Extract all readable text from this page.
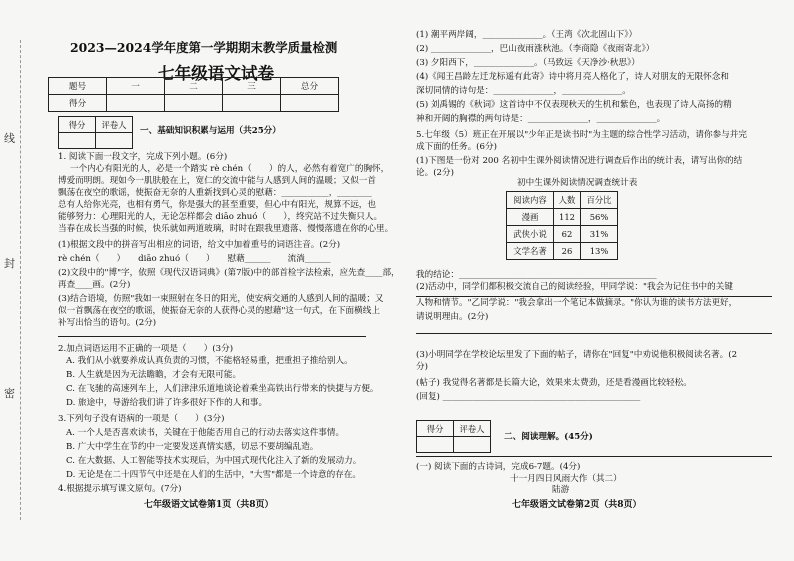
线
封
密
2023—2024学年度第一学期期末教学质量检测
七年级语文试卷
题号	一	二	三	总分
得分				
得分	评卷人

一、基础知识积累与运用（共25分）
1. 阅读下面一段文字，完成下列小题。(6分)
一个内心有阳光的人，必是一个踏实 rè chén（　　）的人，必然有着宽广的胸怀，
博爱而明朗。现如今一肌肤般在上，宽仁的交流中能与人感到人间的温暖；又似一首
飘荡在夜空的歌谣，使振奋无奈的人重新找到心灵的慰藉：___________，________
总有人给你光亮，也相有勇气，你是强大的甚至重要，但心中有阳光，规算不远，也
能够努力：心理阳光的人，无论怎样都会 diāo zhuó（　　），终究站不过失衡只人。
当春在成长当强的时候，快乐就如两道玻璃，时时在跟我里遗落、慢慢落遗在你的心里。
(1)根据文段中的拼音写出相应的词语，给文中加着重号的词语注音。(2分)
rè chén（　　）　　diāo zhuó（　　）　　慰藉______　　流淌______
(2)文段中的"博"字，依照《现代汉语词典》(第7版)中的部首检字法检索，应先查____部，
再查____画。(2分)
(3)结合语境，仿照"我如一束照射在冬日的阳光，使安病交通的人感到人间的温暖；又
似一首飘荡在夜空的歌谣，使振奋无奈的人获得心灵的慰藉"这一句式，在下面横线上
补写出恰当的语句。(2分)
2.加点词语运用不正确的一项是（　　）(3分)
A. 我们从小就要养成认真负责的习惯，不能格轻易重，把重担子推给别人。
B. 人生就是因为无法瞻瞻，才会有无限可能。
C. 在飞驰的高速列车上，人们津津乐道地谈论着乘坐高铁出行带来的快捷与方便。
D. 旅途中，导游给我们讲了许多很好下作的人和事。
3.下列句子没有语病的一项是（　　）(3分)
A. 一个人是否喜欢读书，关键在于他能否用自己的行动去落实这件事情。
B. 广大中学生在节约中一定要发送真情实感，切忌不要胡编乱造。
C. 在大数据、人工智能等技术实现后，为中国式现代化注入了新的发展动力。
D. 无论是在二十四节气中还是在人们的生活中，"大雪"都是一个诗意的存在。
4.根据提示填写课文原句。(7分)
七年级语文试卷第1页（共8页）
(1) 潮平两岸阔，______________。（王湾《次北固山下》）
(2) ______________，巴山夜雨涨秋池。（李商隐《夜雨寄北》）
(3) 夕阳西下，______________。（马致远《天净沙·秋思》）
(4)《闻王昌龄左迁龙标遥有此寄》诗中将月亮人格化了，诗人对朋友的无限怀念和
深切同情的诗句是：______________，______________。
(5) 刘禹锡的《秋词》这首诗中不仅表现秋天的生机和紫色，也表现了诗人高扬的精
神和开阔的胸襟的两句诗是：______________，______________。
5.七年级（5）班正在开展以"少年正是读书时"为主题的综合性学习活动，请你参与并完
成下面的任务。(6分)
(1)下图是一份对 200 名初中生课外阅读情况进行调查后作出的统计表，请写出你的结
论。(2分)
初中生课外阅读情况调查统计表
阅读内容	人数	百分比
漫画	112	56%
武侠小说	62	31%
文学名著	26	13%
我的结论：______________________________________________
(2)活动中，同学们都积极交流自己的阅读经验，甲同学说："我会为记住书中的关键
人物和情节。"乙同学说："我会拿出一个笔记本做摘录。"你认为谁的读书方法更好，
请说明理由。(2分)
(3)小明同学在学校论坛里发了下面的帖子，请你在"回复"中劝说他积极阅读名著。(2
分)
(帖子) 我觉得名著都是长篇大论，效果来太费劲，还是看漫画比较轻松。
(回复) ______________________________________________
得分	评卷人

二、阅读理解。(45分)
(一) 阅读下面的古诗词，完成6-7题。(4分)
十一月四日风雨大作（其二）
陆游
七年级语文试卷第2页（共8页）
